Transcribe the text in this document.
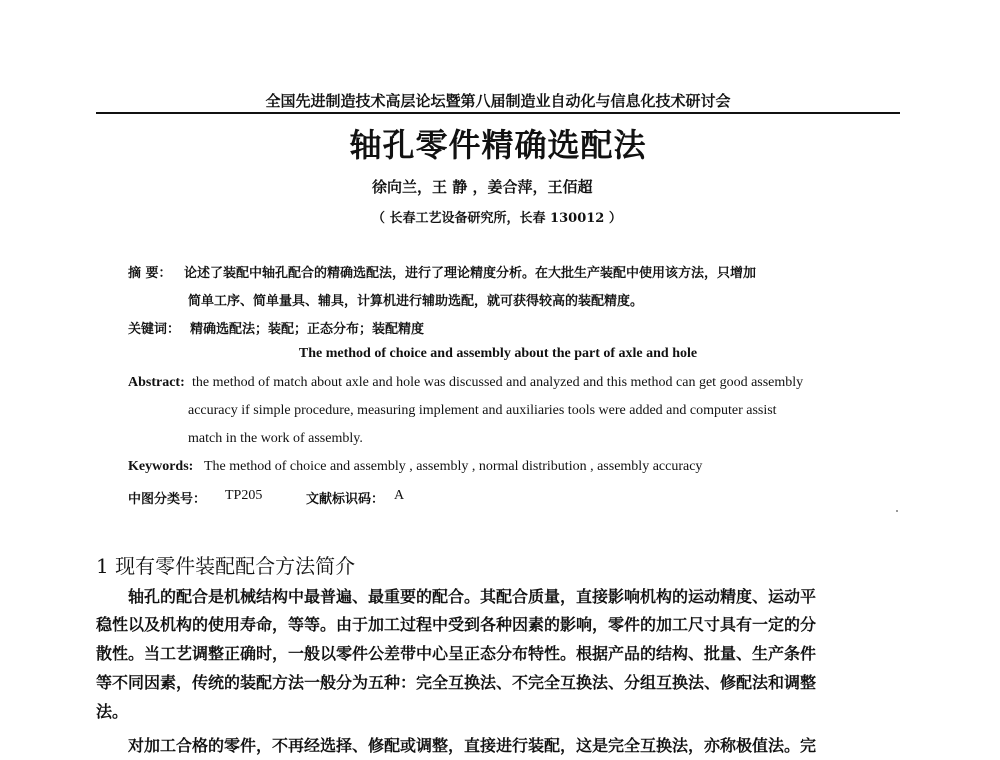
全国先进制造技术高层论坛暨第八届制造业自动化与信息化技术研讨会
轴孔零件精确选配法
徐向兰，王 静 ，姜合萍，王佰超
（ 长春工艺设备研究所，长春 130012 ）
摘 要： 论述了装配中轴孔配合的精确选配法，进行了理论精度分析。在大批生产装配中使用该方法，只增加
简单工序、简单量具、辅具，计算机进行辅助选配，就可获得较高的装配精度。
关键词： 精确选配法；装配；正态分布；装配精度
The method of choice and assembly about the part of axle and hole
Abstract: the method of match about axle and hole was discussed and analyzed and this method can get good assembly
accuracy if simple procedure, measuring implement and auxiliaries tools were added and computer assist
match in the work of assembly.
Keywords: The method of choice and assembly , assembly , normal distribution , assembly accuracy
中图分类号： TP205	文献标识码： A
1 现有零件装配配合方法简介
轴孔的配合是机械结构中最普遍、最重要的配合。其配合质量，直接影响机构的运动精度、运动平
稳性以及机构的使用寿命，等等。由于加工过程中受到各种因素的影响，零件的加工尺寸具有一定的分
散性。当工艺调整正确时，一般以零件公差带中心呈正态分布特性。根据产品的结构、批量、生产条件
等不同因素，传统的装配方法一般分为五种：完全互换法、不完全互换法、分组互换法、修配法和调整
法。
对加工合格的零件，不再经选择、修配或调整，直接进行装配，这是完全互换法，亦称极值法。完
